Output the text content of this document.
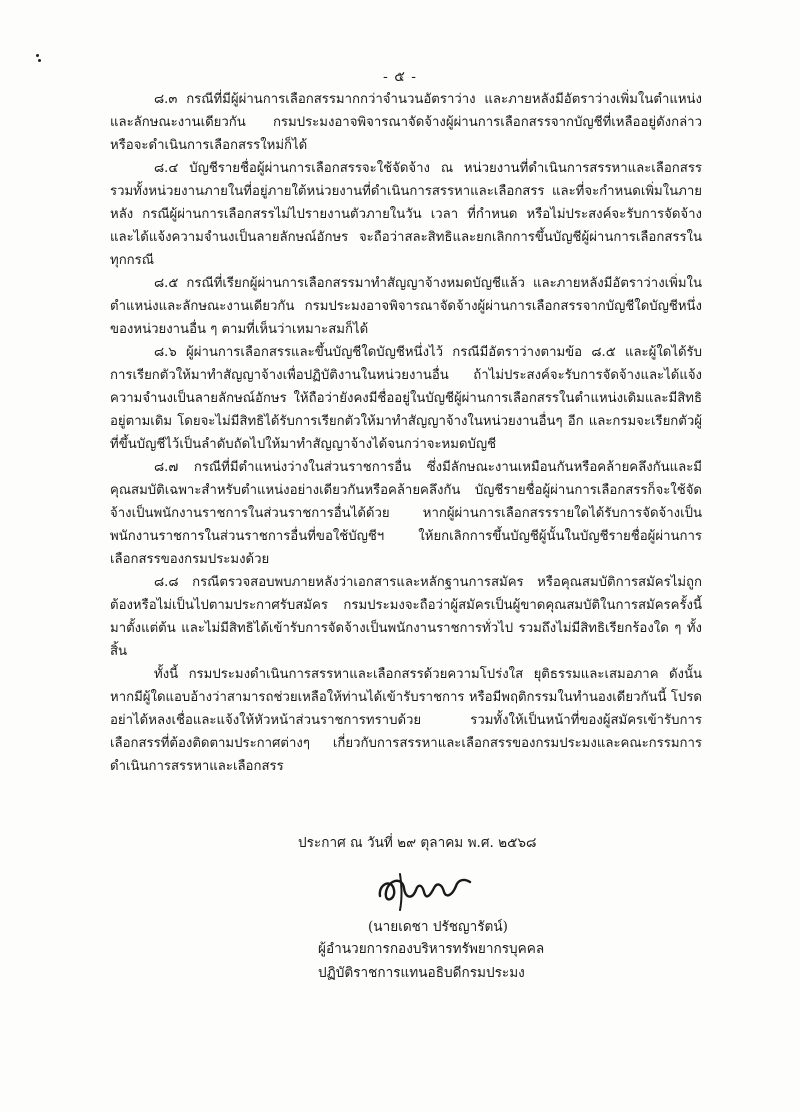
- ๕ -

๘.๓ กรณีที่มีผู้ผ่านการเลือกสรรมากกว่าจำนวนอัตราว่าง และภายหลังมีอัตราว่างเพิ่มในตำแหน่งและลักษณะงานเดียวกัน กรมประมงอาจพิจารณาจัดจ้างผู้ผ่านการเลือกสรรจากบัญชีที่เหลืออยู่ดังกล่าว หรือจะดำเนินการเลือกสรรใหม่ก็ได้

๘.๔ บัญชีรายชื่อผู้ผ่านการเลือกสรรจะใช้จัดจ้าง ณ หน่วยงานที่ดำเนินการสรรหาและเลือกสรร รวมทั้งหน่วยงานภายในที่อยู่ภายใต้หน่วยงานที่ดำเนินการสรรหาและเลือกสรร และที่จะกำหนดเพิ่มในภายหลัง กรณีผู้ผ่านการเลือกสรรไม่ไปรายงานตัวภายในวัน เวลา ที่กำหนด หรือไม่ประสงค์จะรับการจัดจ้างและได้แจ้งความจำนงเป็นลายลักษณ์อักษร จะถือว่าสละสิทธิและยกเลิกการขึ้นบัญชีผู้ผ่านการเลือกสรรในทุกกรณี

๘.๕ กรณีที่เรียกผู้ผ่านการเลือกสรรมาทำสัญญาจ้างหมดบัญชีแล้ว และภายหลังมีอัตราว่างเพิ่มในตำแหน่งและลักษณะงานเดียวกัน กรมประมงอาจพิจารณาจัดจ้างผู้ผ่านการเลือกสรรจากบัญชีใดบัญชีหนึ่งของหน่วยงานอื่น ๆ ตามที่เห็นว่าเหมาะสมก็ได้

๘.๖ ผู้ผ่านการเลือกสรรและขึ้นบัญชีใดบัญชีหนึ่งไว้ กรณีมีอัตราว่างตามข้อ ๘.๕ และผู้ใดได้รับการเรียกตัวให้มาทำสัญญาจ้างเพื่อปฏิบัติงานในหน่วยงานอื่น ถ้าไม่ประสงค์จะรับการจัดจ้างและได้แจ้งความจำนงเป็นลายลักษณ์อักษร ให้ถือว่ายังคงมีชื่ออยู่ในบัญชีผู้ผ่านการเลือกสรรในตำแหน่งเดิมและมีสิทธิอยู่ตามเดิม โดยจะไม่มีสิทธิได้รับการเรียกตัวให้มาทำสัญญาจ้างในหน่วยงานอื่นๆ อีก และกรมจะเรียกตัวผู้ที่ขึ้นบัญชีไว้เป็นลำดับถัดไปให้มาทำสัญญาจ้างได้จนกว่าจะหมดบัญชี

๘.๗ กรณีที่มีตำแหน่งว่างในส่วนราชการอื่น ซึ่งมีลักษณะงานเหมือนกันหรือคล้ายคลึงกันและมีคุณสมบัติเฉพาะสำหรับตำแหน่งอย่างเดียวกันหรือคล้ายคลึงกัน บัญชีรายชื่อผู้ผ่านการเลือกสรรก็จะใช้จัดจ้างเป็นพนักงานราชการในส่วนราชการอื่นได้ด้วย หากผู้ผ่านการเลือกสรรรายใดได้รับการจัดจ้างเป็นพนักงานราชการในส่วนราชการอื่นที่ขอใช้บัญชีฯ ให้ยกเลิกการขึ้นบัญชีผู้นั้นในบัญชีรายชื่อผู้ผ่านการเลือกสรรของกรมประมงด้วย

๘.๘ กรณีตรวจสอบพบภายหลังว่าเอกสารและหลักฐานการสมัคร หรือคุณสมบัติการสมัครไม่ถูกต้องหรือไม่เป็นไปตามประกาศรับสมัคร กรมประมงจะถือว่าผู้สมัครเป็นผู้ขาดคุณสมบัติในการสมัครครั้งนี้มาตั้งแต่ต้น และไม่มีสิทธิได้เข้ารับการจัดจ้างเป็นพนักงานราชการทั่วไป รวมถึงไม่มีสิทธิเรียกร้องใด ๆ ทั้งสิ้น

ทั้งนี้ กรมประมงดำเนินการสรรหาและเลือกสรรด้วยความโปร่งใส ยุติธรรมและเสมอภาค ดังนั้น หากมีผู้ใดแอบอ้างว่าสามารถช่วยเหลือให้ท่านได้เข้ารับราชการ หรือมีพฤติกรรมในทำนองเดียวกันนี้ โปรดอย่าได้หลงเชื่อและแจ้งให้หัวหน้าส่วนราชการทราบด้วย รวมทั้งให้เป็นหน้าที่ของผู้สมัครเข้ารับการเลือกสรรที่ต้องติดตามประกาศต่างๆ เกี่ยวกับการสรรหาและเลือกสรรของกรมประมงและคณะกรรมการดำเนินการสรรหาและเลือกสรร

ประกาศ ณ วันที่ ๒๙ ตุลาคม พ.ศ. ๒๕๖๘
(นายเดชา ปรัชญารัตน์)
ผู้อำนวยการกองบริหารทรัพยากรบุคคล
ปฏิบัติราชการแทนอธิบดีกรมประมง
